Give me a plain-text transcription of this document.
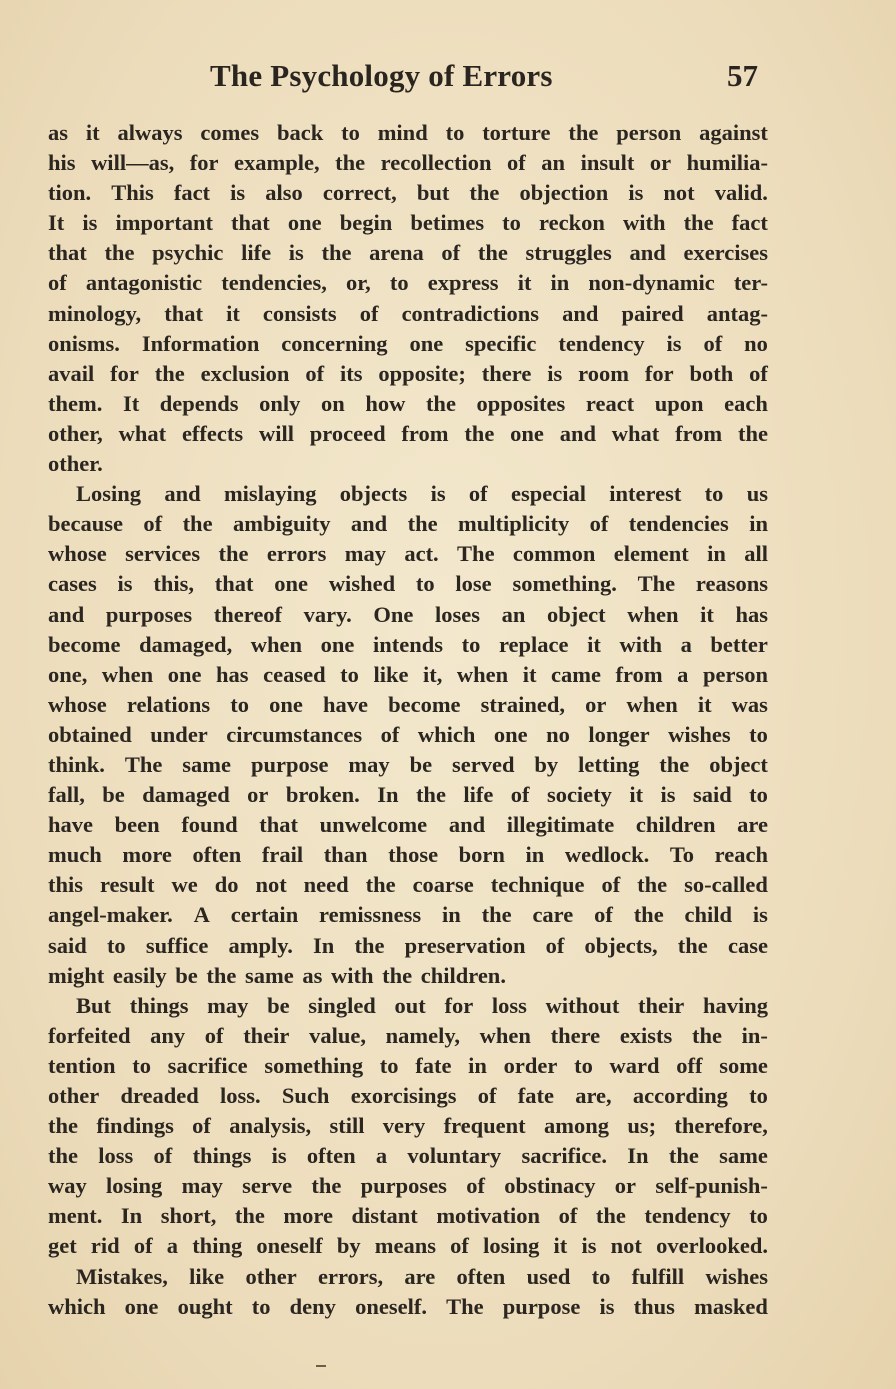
The Psychology of Errors	57
as it always comes back to mind to torture the person against
his will—as, for example, the recollection of an insult or humilia-
tion. This fact is also correct, but the objection is not valid.
It is important that one begin betimes to reckon with the fact
that the psychic life is the arena of the struggles and exercises
of antagonistic tendencies, or, to express it in non-dynamic ter-
minology, that it consists of contradictions and paired antag-
onisms. Information concerning one specific tendency is of no
avail for the exclusion of its opposite; there is room for both of
them. It depends only on how the opposites react upon each
other, what effects will proceed from the one and what from the
other.
Losing and mislaying objects is of especial interest to us
because of the ambiguity and the multiplicity of tendencies in
whose services the errors may act. The common element in all
cases is this, that one wished to lose something. The reasons
and purposes thereof vary. One loses an object when it has
become damaged, when one intends to replace it with a better
one, when one has ceased to like it, when it came from a person
whose relations to one have become strained, or when it was
obtained under circumstances of which one no longer wishes to
think. The same purpose may be served by letting the object
fall, be damaged or broken. In the life of society it is said to
have been found that unwelcome and illegitimate children are
much more often frail than those born in wedlock. To reach
this result we do not need the coarse technique of the so-called
angel-maker. A certain remissness in the care of the child is
said to suffice amply. In the preservation of objects, the case
might easily be the same as with the children.
But things may be singled out for loss without their having
forfeited any of their value, namely, when there exists the in-
tention to sacrifice something to fate in order to ward off some
other dreaded loss. Such exorcisings of fate are, according to
the findings of analysis, still very frequent among us; therefore,
the loss of things is often a voluntary sacrifice. In the same
way losing may serve the purposes of obstinacy or self-punish-
ment. In short, the more distant motivation of the tendency to
get rid of a thing oneself by means of losing it is not overlooked.
Mistakes, like other errors, are often used to fulfill wishes
which one ought to deny oneself. The purpose is thus masked
